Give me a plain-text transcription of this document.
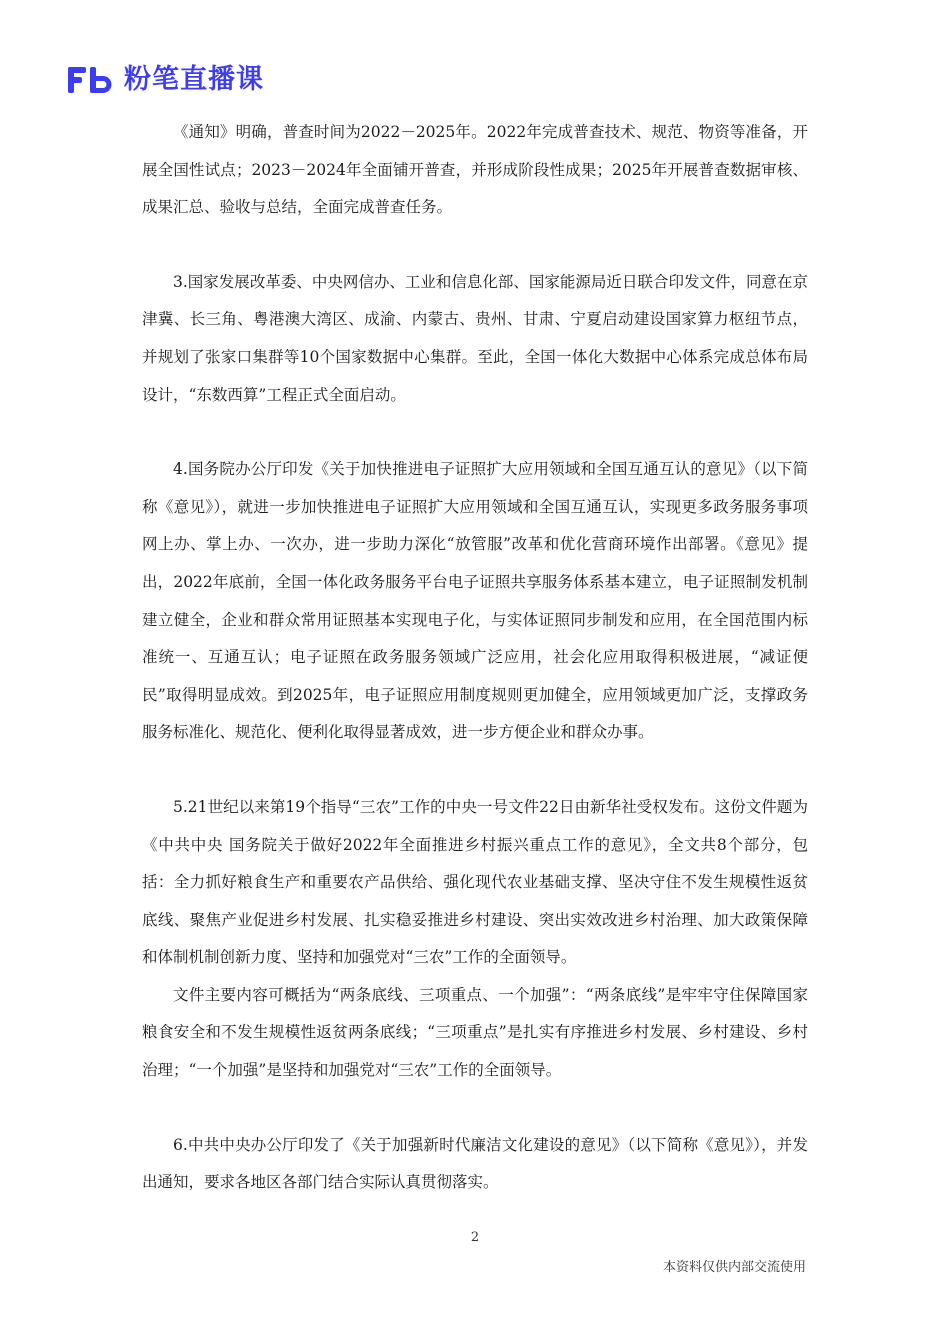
粉笔直播课

《通知》明确，普查时间为2022－2025年。2022年完成普查技术、规范、物资等准备，开展全国性试点；2023－2024年全面铺开普查，并形成阶段性成果；2025年开展普查数据审核、成果汇总、验收与总结，全面完成普查任务。

3.国家发展改革委、中央网信办、工业和信息化部、国家能源局近日联合印发文件，同意在京津冀、长三角、粤港澳大湾区、成渝、内蒙古、贵州、甘肃、宁夏启动建设国家算力枢纽节点，并规划了张家口集群等10个国家数据中心集群。至此，全国一体化大数据中心体系完成总体布局设计，“东数西算”工程正式全面启动。

4.国务院办公厅印发《关于加快推进电子证照扩大应用领域和全国互通互认的意见》（以下简称《意见》），就进一步加快推进电子证照扩大应用领域和全国互通互认，实现更多政务服务事项网上办、掌上办、一次办，进一步助力深化“放管服”改革和优化营商环境作出部署。《意见》提出，2022年底前，全国一体化政务服务平台电子证照共享服务体系基本建立，电子证照制发机制建立健全，企业和群众常用证照基本实现电子化，与实体证照同步制发和应用，在全国范围内标准统一、互通互认；电子证照在政务服务领域广泛应用，社会化应用取得积极进展，“减证便民”取得明显成效。到2025年，电子证照应用制度规则更加健全，应用领域更加广泛，支撑政务服务标准化、规范化、便利化取得显著成效，进一步方便企业和群众办事。

5.21世纪以来第19个指导“三农”工作的中央一号文件22日由新华社受权发布。这份文件题为《中共中央 国务院关于做好2022年全面推进乡村振兴重点工作的意见》，全文共8个部分，包括：全力抓好粮食生产和重要农产品供给、强化现代农业基础支撑、坚决守住不发生规模性返贫底线、聚焦产业促进乡村发展、扎实稳妥推进乡村建设、突出实效改进乡村治理、加大政策保障和体制机制创新力度、坚持和加强党对“三农”工作的全面领导。

文件主要内容可概括为“两条底线、三项重点、一个加强”：“两条底线”是牢牢守住保障国家粮食安全和不发生规模性返贫两条底线；“三项重点”是扎实有序推进乡村发展、乡村建设、乡村治理；“一个加强”是坚持和加强党对“三农”工作的全面领导。

6.中共中央办公厅印发了《关于加强新时代廉洁文化建设的意见》（以下简称《意见》），并发出通知，要求各地区各部门结合实际认真贯彻落实。

2
本资料仅供内部交流使用
